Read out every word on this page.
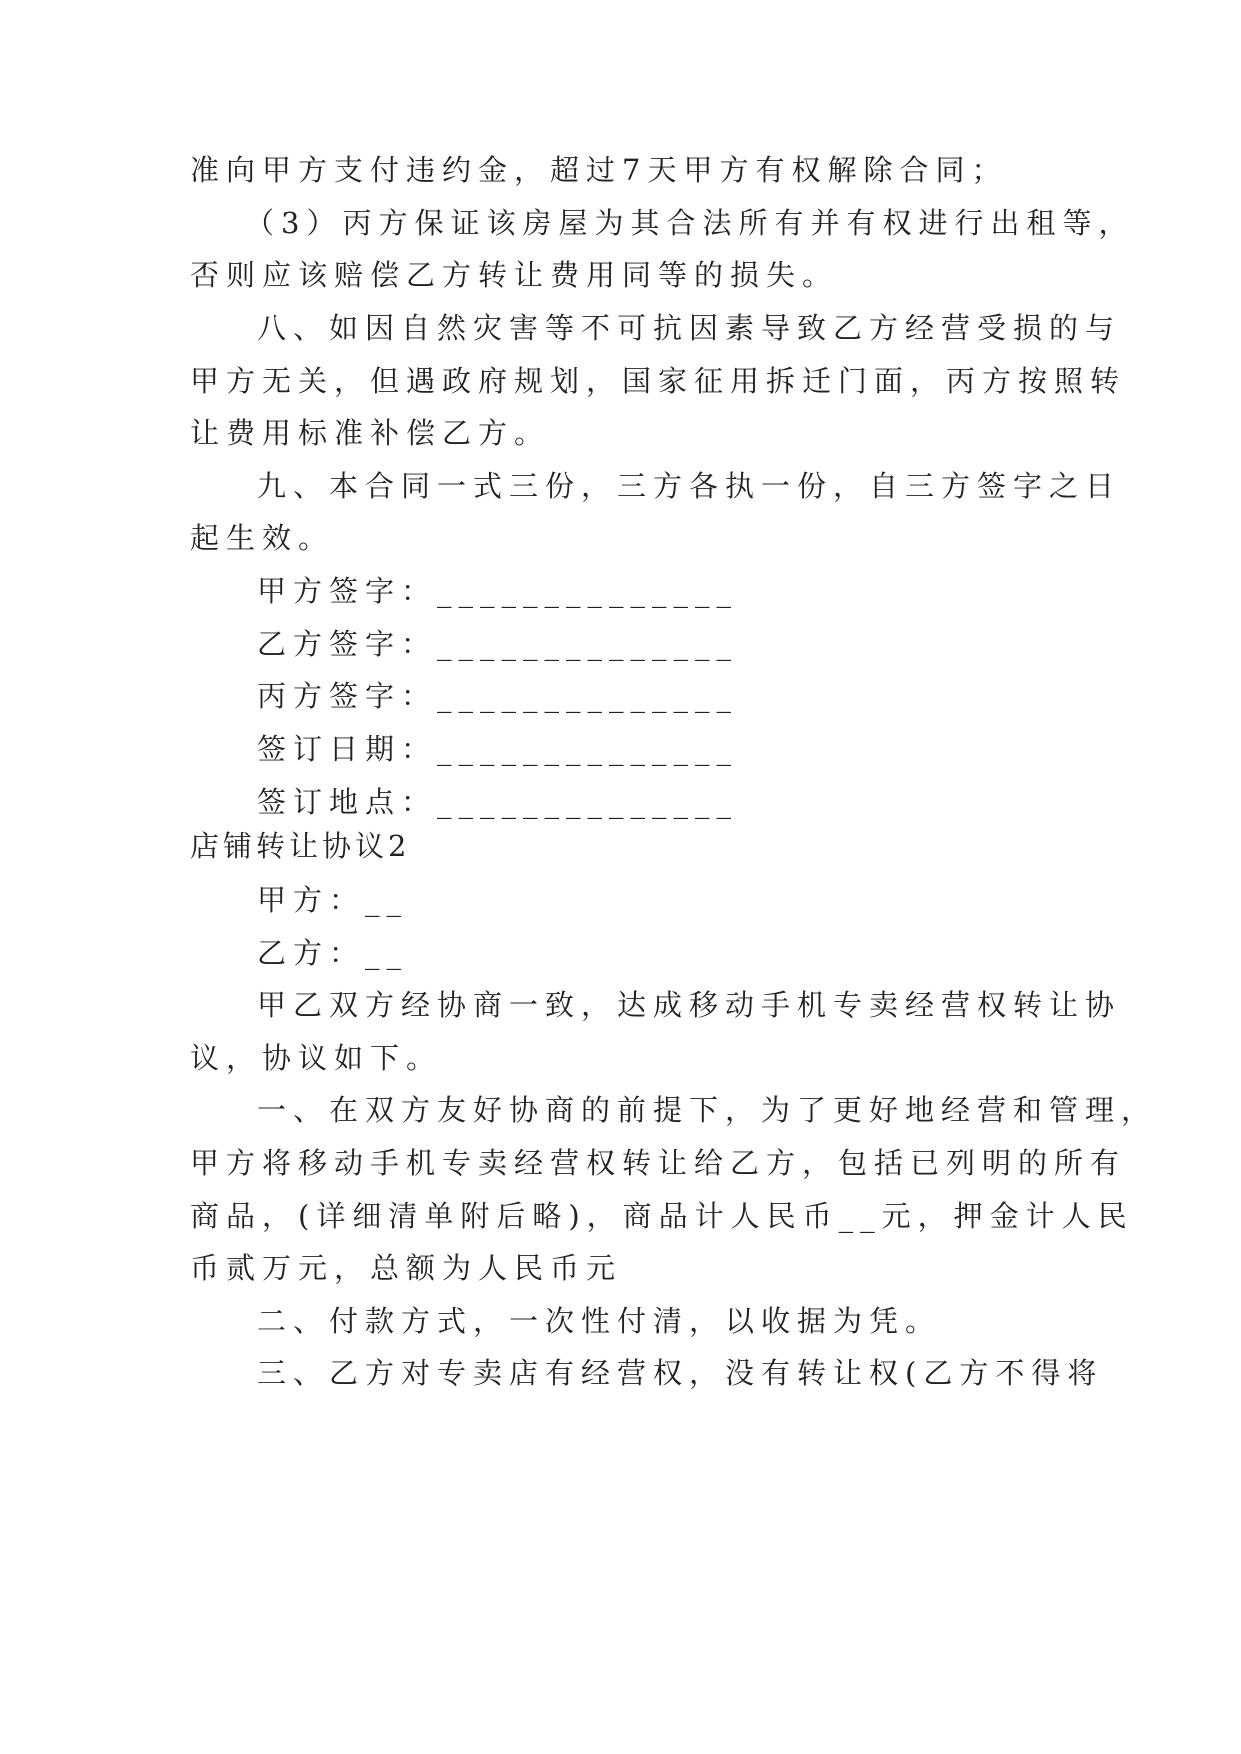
准向甲方支付违约金，超过7天甲方有权解除合同；
（3）丙方保证该房屋为其合法所有并有权进行出租等，
否则应该赔偿乙方转让费用同等的损失。
八、如因自然灾害等不可抗因素导致乙方经营受损的与
甲方无关，但遇政府规划，国家征用拆迁门面，丙方按照转
让费用标准补偿乙方。
九、本合同一式三份，三方各执一份，自三方签字之日
起生效。
甲方签字：______________
乙方签字：______________
丙方签字：______________
签订日期：______________
签订地点：______________
店铺转让协议2
甲方：__
乙方：__
甲乙双方经协商一致，达成移动手机专卖经营权转让协
议，协议如下。
一、在双方友好协商的前提下，为了更好地经营和管理，
甲方将移动手机专卖经营权转让给乙方，包括已列明的所有
商品，(详细清单附后略)，商品计人民币__元，押金计人民
币贰万元，总额为人民币元
二、付款方式，一次性付清，以收据为凭。
三、乙方对专卖店有经营权，没有转让权(乙方不得将
